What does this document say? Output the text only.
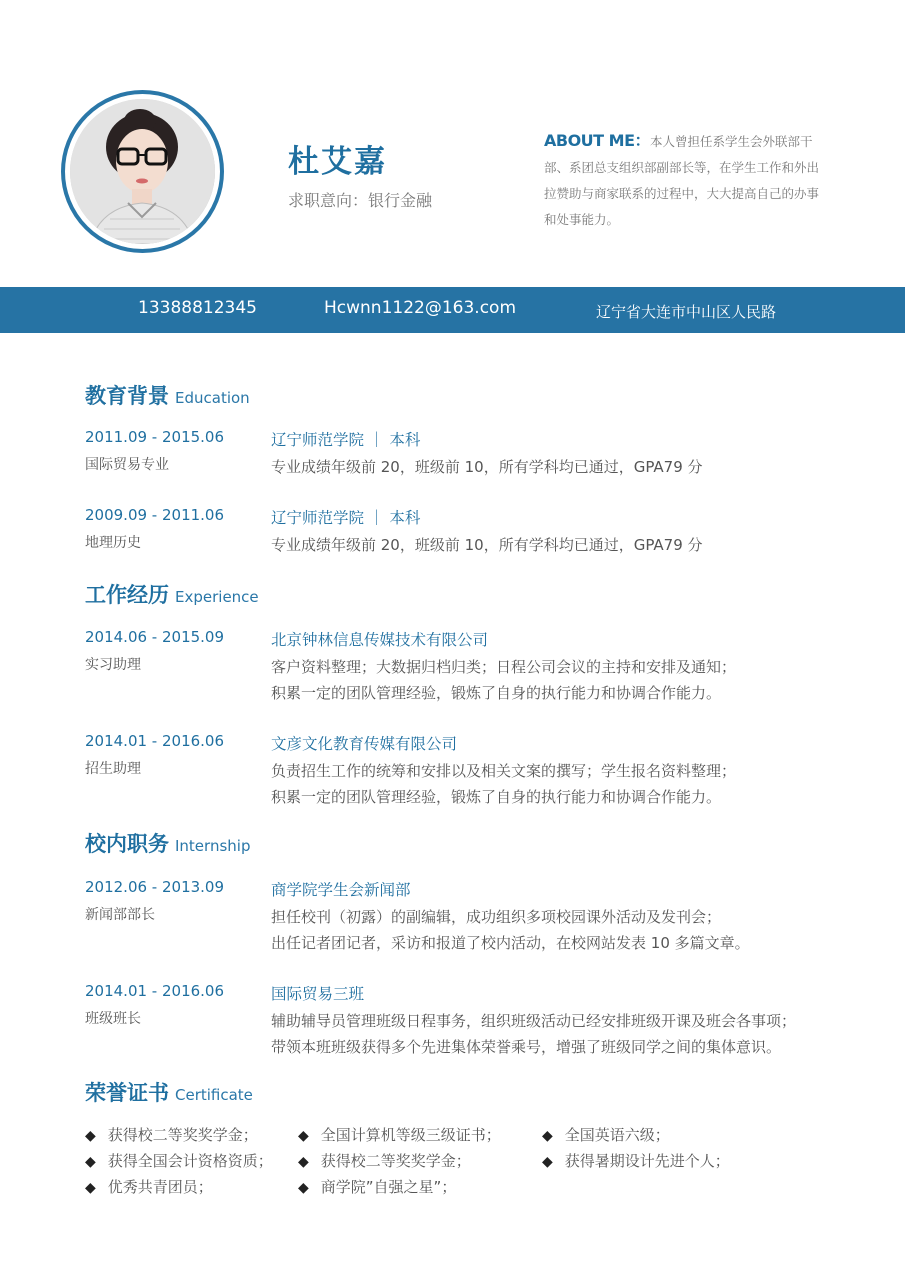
杜艾嘉
求职意向：银行金融
ABOUT ME：本人曾担任系学生会外联部干部、系团总支组织部副部长等，在学生工作和外出拉赞助与商家联系的过程中，大大提高自己的办事和处事能力。
13388812345	Hcwnn1122@163.com	辽宁省大连市中山区人民路
教育背景 Education
2011.09 - 2015.06
国际贸易专业
辽宁师范学院 ｜ 本科
专业成绩年级前 20，班级前 10，所有学科均已通过，GPA79 分
2009.09 - 2011.06
地理历史
辽宁师范学院 ｜ 本科
专业成绩年级前 20，班级前 10，所有学科均已通过，GPA79 分
工作经历 Experience
2014.06 - 2015.09
实习助理
北京钟林信息传媒技术有限公司
客户资料整理；大数据归档归类；日程公司会议的主持和安排及通知；
积累一定的团队管理经验，锻炼了自身的执行能力和协调合作能力。
2014.01 - 2016.06
招生助理
文彦文化教育传媒有限公司
负责招生工作的统筹和安排以及相关文案的撰写；学生报名资料整理；
积累一定的团队管理经验，锻炼了自身的执行能力和协调合作能力。
校内职务 Internship
2012.06 - 2013.09
新闻部部长
商学院学生会新闻部
担任校刊（初露）的副编辑，成功组织多项校园课外活动及发刊会；
出任记者团记者，采访和报道了校内活动，在校网站发表 10 多篇文章。
2014.01 - 2016.06
班级班长
国际贸易三班
辅助辅导员管理班级日程事务，组织班级活动已经安排班级开课及班会各事项；
带领本班班级获得多个先进集体荣誉乘号，增强了班级同学之间的集体意识。
荣誉证书 Certificate
◆ 获得校二等奖奖学金；	◆ 全国计算机等级三级证书；	◆ 全国英语六级；
◆ 获得全国会计资格资质； ◆ 获得校二等奖奖学金；	◆ 获得暑期设计先进个人；
◆ 优秀共青团员；	◆ 商学院”自强之星”；
